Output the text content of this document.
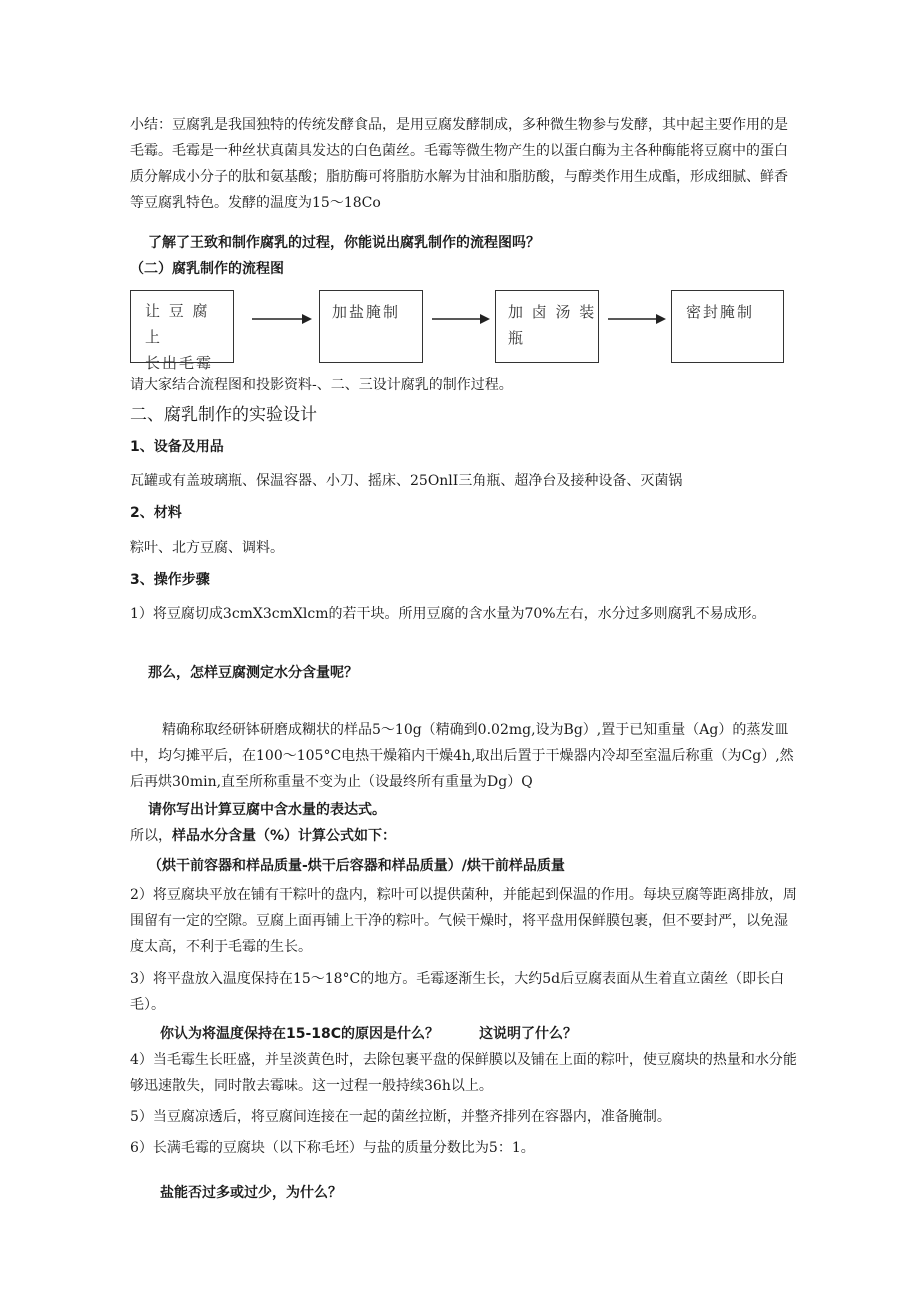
小结：豆腐乳是我国独特的传统发酵食品，是用豆腐发酵制成，多种微生物参与发酵，其中起主要作用的是毛霉。毛霉是一种丝状真菌具发达的白色菌丝。毛霉等微生物产生的以蛋白酶为主各种酶能将豆腐中的蛋白质分解成小分子的肽和氨基酸；脂肪酶可将脂肪水解为甘油和脂肪酸，与醇类作用生成酯，形成细腻、鲜香等豆腐乳特色。发酵的温度为15～18Co

了解了王致和制作腐乳的过程，你能说出腐乳制作的流程图吗？

（二）腐乳制作的流程图

让 豆 腐 上
长出毛霉
加盐腌制	加 卤 汤 装
瓶
密封腌制

请大家结合流程图和投影资料-、二、三设计腐乳的制作过程。

二、腐乳制作的实验设计

1、设备及用品

瓦罐或有盖玻璃瓶、保温容器、小刀、摇床、25OnlI三角瓶、超净台及接种设备、灭菌锅

2、材料

粽叶、北方豆腐、调料。

3、操作步骤

1）将豆腐切成3cmX3cmXlcm的若干块。所用豆腐的含水量为70%左右，水分过多则腐乳不易成形。

那么，怎样豆腐测定水分含量呢？

精确称取经研钵研磨成糊状的样品5～10g（精确到0.02mg,设为Bg）,置于已知重量（Ag）的蒸发皿中，均匀摊平后，在100～105°C电热干燥箱内干燥4h,取出后置于干燥器内冷却至室温后称重（为Cg）,然后再烘30min,直至所称重量不变为止（设最终所有重量为Dg）Q

请你写出计算豆腐中含水量的表达式。

所以，样品水分含量（%）计算公式如下：

（烘干前容器和样品质量-烘干后容器和样品质量）/烘干前样品质量

2）将豆腐块平放在铺有干粽叶的盘内，粽叶可以提供菌种，并能起到保温的作用。每块豆腐等距离排放，周围留有一定的空隙。豆腐上面再铺上干净的粽叶。气候干燥时，将平盘用保鲜膜包裹，但不要封严，以免湿度太高，不利于毛霉的生长。

3）将平盘放入温度保持在15～18°C的地方。毛霉逐渐生长，大约5d后豆腐表面从生着直立菌丝（即长白毛）。

你认为将温度保持在15-18C的原因是什么？	这说明了什么？

4）当毛霉生长旺盛，并呈淡黄色时，去除包裹平盘的保鲜膜以及铺在上面的粽叶，使豆腐块的热量和水分能够迅速散失，同时散去霉味。这一过程一般持续36h以上。

5）当豆腐凉透后，将豆腐间连接在一起的菌丝拉断，并整齐排列在容器内，准备腌制。

6）长满毛霉的豆腐块（以下称毛坯）与盐的质量分数比为5：1。

盐能否过多或过少，为什么？
